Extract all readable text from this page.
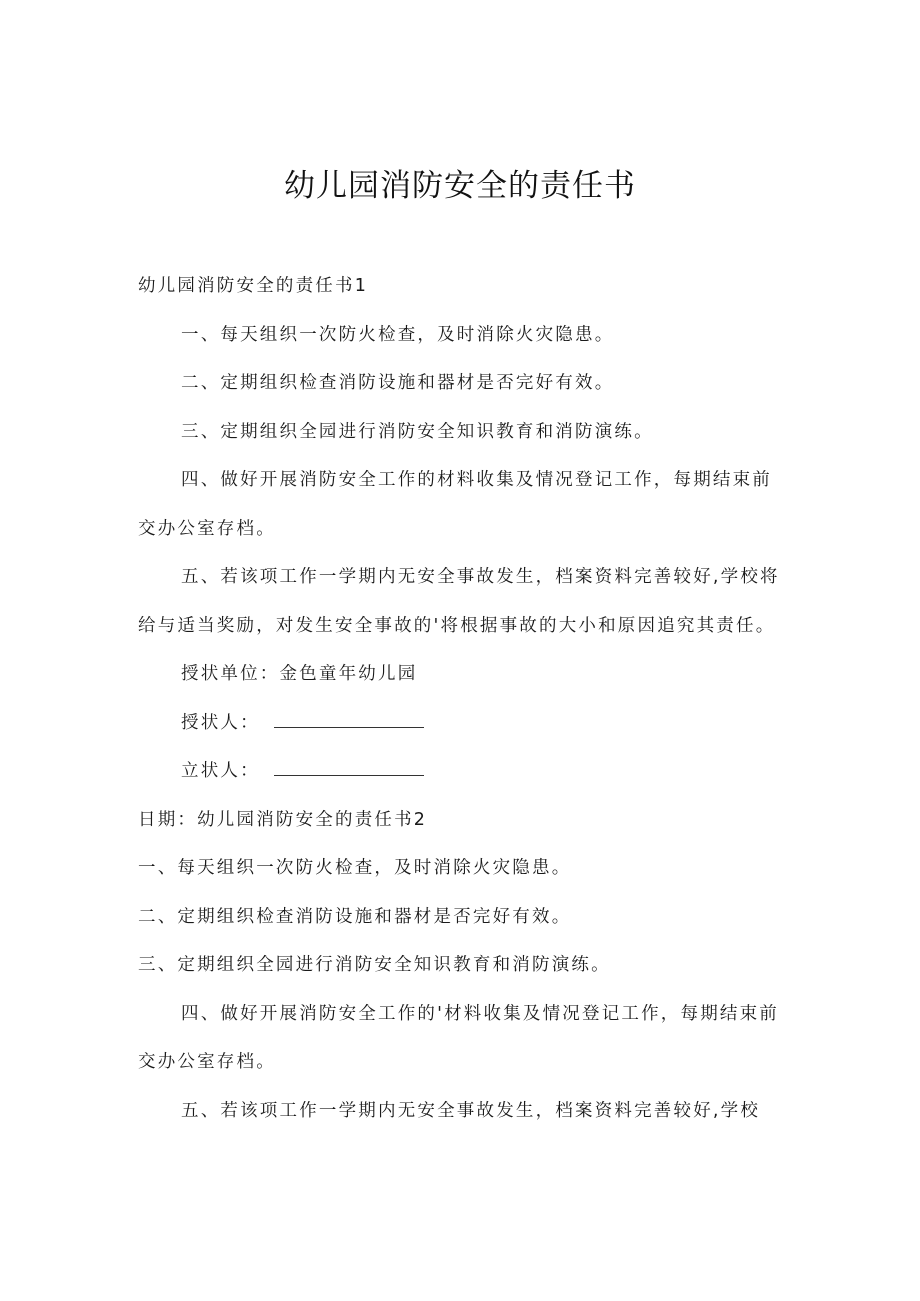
幼儿园消防安全的责任书

幼儿园消防安全的责任书1

一、每天组织一次防火检查，及时消除火灾隐患。

二、定期组织检查消防设施和器材是否完好有效。

三、定期组织全园进行消防安全知识教育和消防演练。

四、做好开展消防安全工作的材料收集及情况登记工作，每期结束前交办公室存档。

五、若该项工作一学期内无安全事故发生，档案资料完善较好,学校将给与适当奖励，对发生安全事故的'将根据事故的大小和原因追究其责任。

授状单位：金色童年幼儿园

授状人：

立状人：

日期：幼儿园消防安全的责任书2

一、每天组织一次防火检查，及时消除火灾隐患。

二、定期组织检查消防设施和器材是否完好有效。

三、定期组织全园进行消防安全知识教育和消防演练。

四、做好开展消防安全工作的'材料收集及情况登记工作，每期结束前交办公室存档。

五、若该项工作一学期内无安全事故发生，档案资料完善较好,学校
